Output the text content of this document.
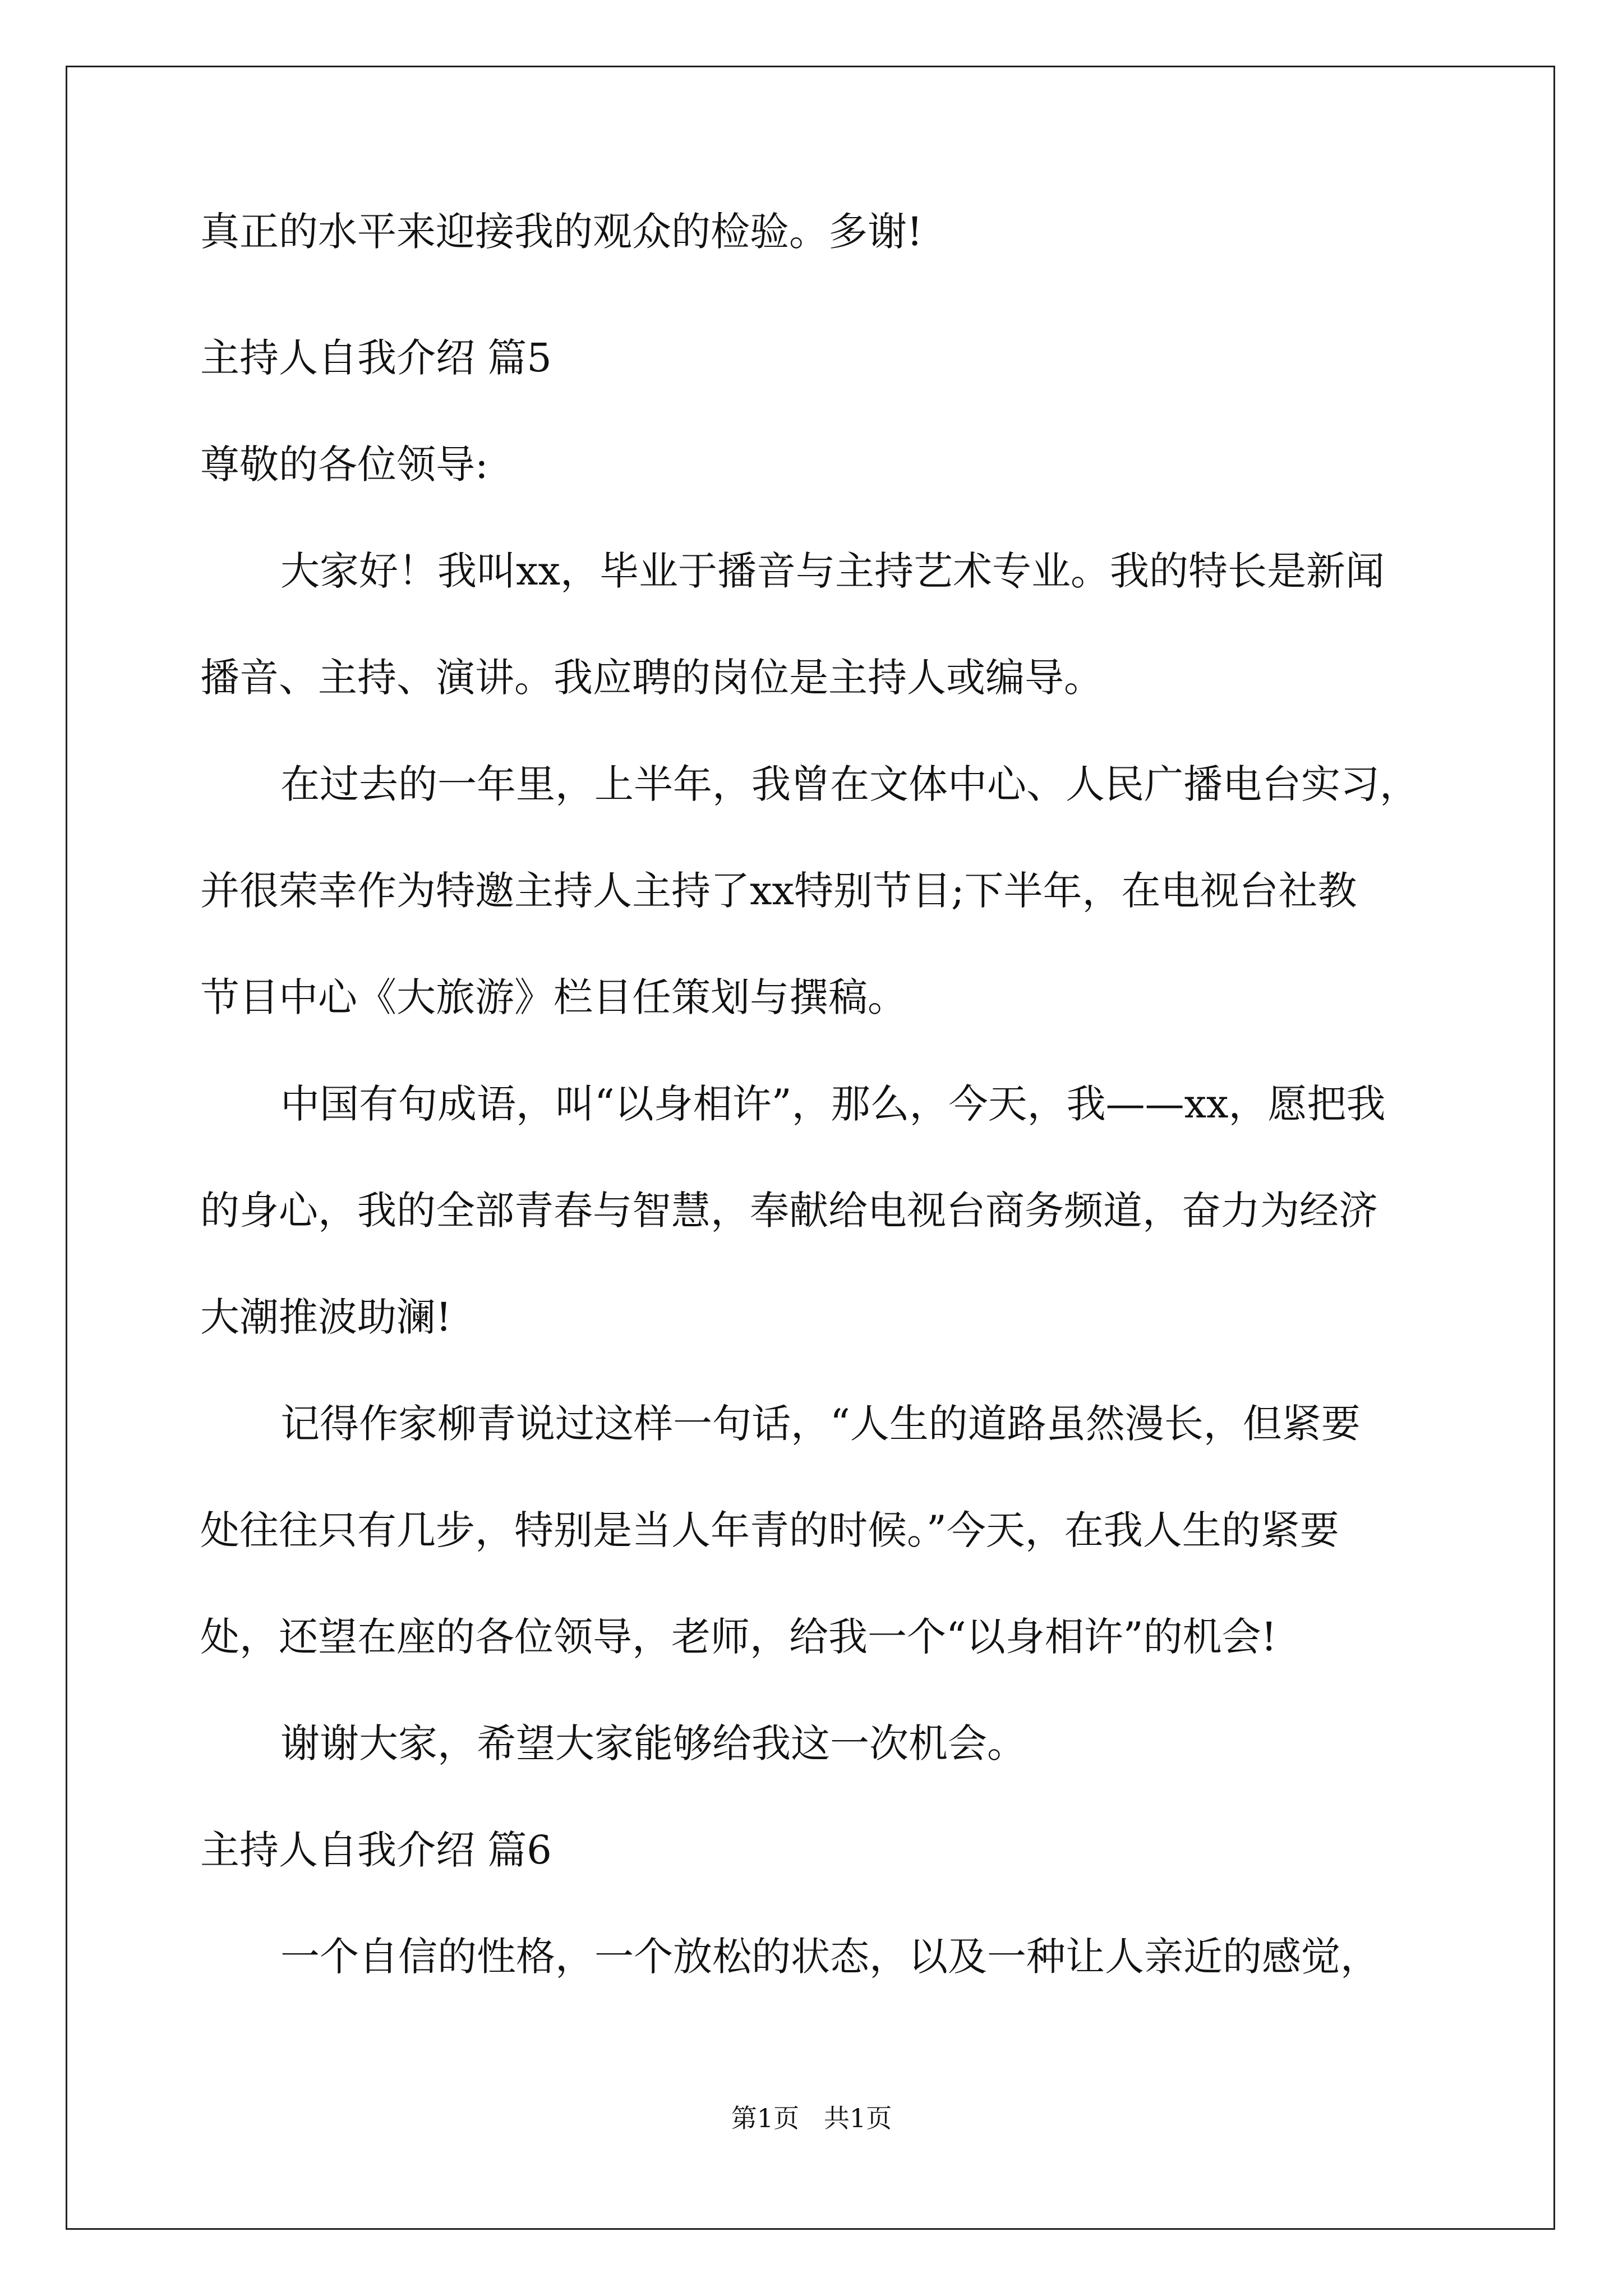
真正的水平来迎接我的观众的检验。多谢!
主持人自我介绍 篇5
尊敬的各位领导:
大家好！我叫xx，毕业于播音与主持艺术专业。我的特长是新闻
播音、主持、演讲。我应聘的岗位是主持人或编导。
在过去的一年里，上半年，我曾在文体中心、人民广播电台实习，
并很荣幸作为特邀主持人主持了xx特别节目;下半年，在电视台社教
节目中心《大旅游》栏目任策划与撰稿。
中国有句成语，叫“以身相许”，那么，今天，我——xx，愿把我
的身心，我的全部青春与智慧，奉献给电视台商务频道，奋力为经济
大潮推波助澜!
记得作家柳青说过这样一句话，“人生的道路虽然漫长，但紧要
处往往只有几步，特别是当人年青的时候。”今天，在我人生的紧要
处，还望在座的各位领导，老师，给我一个“以身相许”的机会!
谢谢大家，希望大家能够给我这一次机会。
主持人自我介绍 篇6
一个自信的性格，一个放松的状态，以及一种让人亲近的感觉，
第1页   共1页
